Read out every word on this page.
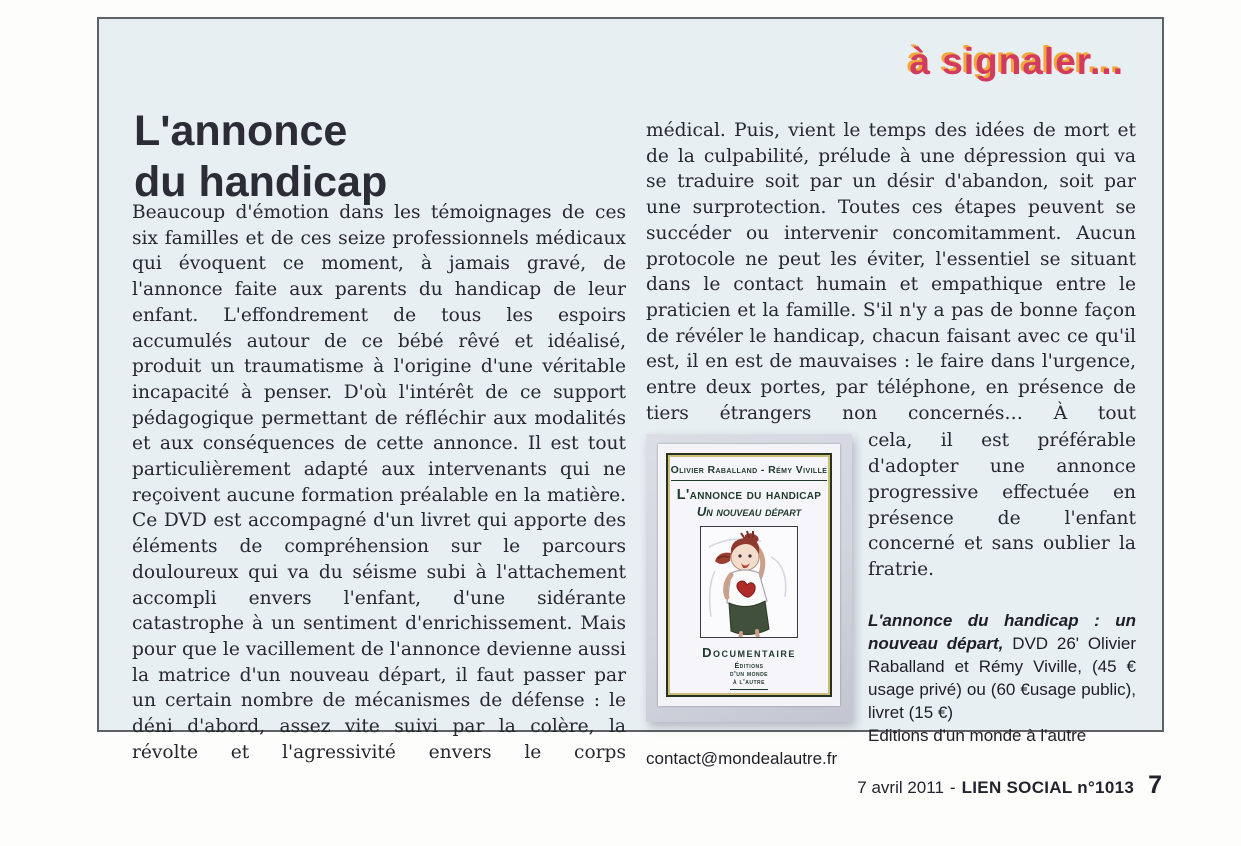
à signaler...
L'annonce
du handicap

Beaucoup d'émotion dans les témoignages de ces six familles et de ces seize professionnels médicaux qui évoquent ce moment, à jamais gravé, de l'annonce faite aux parents du handicap de leur enfant. L'effondrement de tous les espoirs accumulés autour de ce bébé rêvé et idéalisé, produit un traumatisme à l'origine d'une véritable incapacité à penser. D'où l'intérêt de ce support pédagogique permettant de réfléchir aux modalités et aux conséquences de cette annonce. Il est tout particulièrement adapté aux intervenants qui ne reçoivent aucune formation préalable en la matière. Ce DVD est accompagné d'un livret qui apporte des éléments de compréhension sur le parcours douloureux qui va du séisme subi à l'attachement accompli envers l'enfant, d'une sidérante catastrophe à un sentiment d'enrichissement. Mais pour que le vacillement de l'annonce devienne aussi la matrice d'un nouveau départ, il faut passer par un certain nombre de mécanismes de défense : le déni d'abord, assez vite suivi par la colère, la révolte et l'agressivité envers le corps

médical. Puis, vient le temps des idées de mort et de la culpabilité, prélude à une dépression qui va se traduire soit par un désir d'abandon, soit par une surprotection. Toutes ces étapes peuvent se succéder ou intervenir concomitamment. Aucun protocole ne peut les éviter, l'essentiel se situant dans le contact humain et empathique entre le praticien et la famille. S'il n'y a pas de bonne façon de révéler le handicap, chacun faisant avec ce qu'il est, il en est de mauvaises : le faire dans l'urgence, entre deux portes, par téléphone, en présence de tiers étrangers non concernés… À tout

Olivier Raballand - Rémy Viville
L'annonce du handicap
Un nouveau départ
Documentaire
Éditions
d'un monde
à l'autre

cela, il est préférable d'adopter une annonce progressive effectuée en présence de l'enfant concerné et sans oublier la fratrie.

L'annonce du handicap : un nouveau départ, DVD 26' Olivier Raballand et Rémy Viville, (45 € usage privé) ou (60 €usage public), livret (15 €)

Editions d'un monde à l'autre

contact@mondealautre.fr

7 avril 2011 - LIEN SOCIAL n°1013 7
